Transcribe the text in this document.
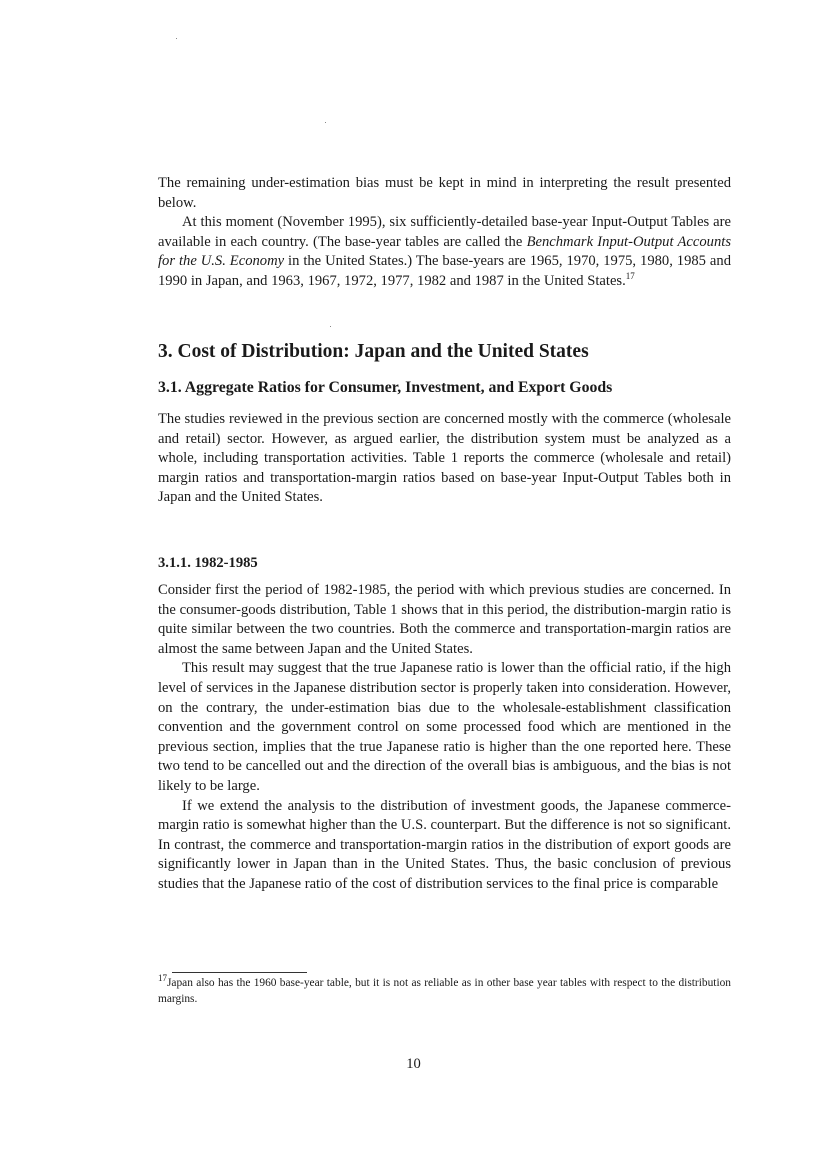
The remaining under-estimation bias must be kept in mind in interpreting the result presented below.

At this moment (November 1995), six sufficiently-detailed base-year Input-Output Tables are available in each country. (The base-year tables are called the Benchmark Input-Output Accounts for the U.S. Economy in the United States.) The base-years are 1965, 1970, 1975, 1980, 1985 and 1990 in Japan, and 1963, 1967, 1972, 1977, 1982 and 1987 in the United States.$^{17}$

3. Cost of Distribution: Japan and the United States
3.1. Aggregate Ratios for Consumer, Investment, and Export Goods

The studies reviewed in the previous section are concerned mostly with the commerce (wholesale and retail) sector. However, as argued earlier, the distribution system must be analyzed as a whole, including transportation activities. Table 1 reports the commerce (wholesale and retail) margin ratios and transportation-margin ratios based on base-year Input-Output Tables both in Japan and the United States.

3.1.1. 1982-1985

Consider first the period of 1982-1985, the period with which previous studies are concerned. In the consumer-goods distribution, Table 1 shows that in this period, the distribution-margin ratio is quite similar between the two countries. Both the commerce and transportation-margin ratios are almost the same between Japan and the United States.

This result may suggest that the true Japanese ratio is lower than the official ratio, if the high level of services in the Japanese distribution sector is properly taken into consideration. However, on the contrary, the under-estimation bias due to the wholesale-establishment classification convention and the government control on some processed food which are mentioned in the previous section, implies that the true Japanese ratio is higher than the one reported here. These two tend to be cancelled out and the direction of the overall bias is ambiguous, and the bias is not likely to be large.

If we extend the analysis to the distribution of investment goods, the Japanese commerce-margin ratio is somewhat higher than the U.S. counterpart. But the difference is not so significant. In contrast, the commerce and transportation-margin ratios in the distribution of export goods are significantly lower in Japan than in the United States. Thus, the basic conclusion of previous studies that the Japanese ratio of the cost of distribution services to the final price is comparable

$^{17}$Japan also has the 1960 base-year table, but it is not as reliable as in other base year tables with respect to the distribution margins.

10
